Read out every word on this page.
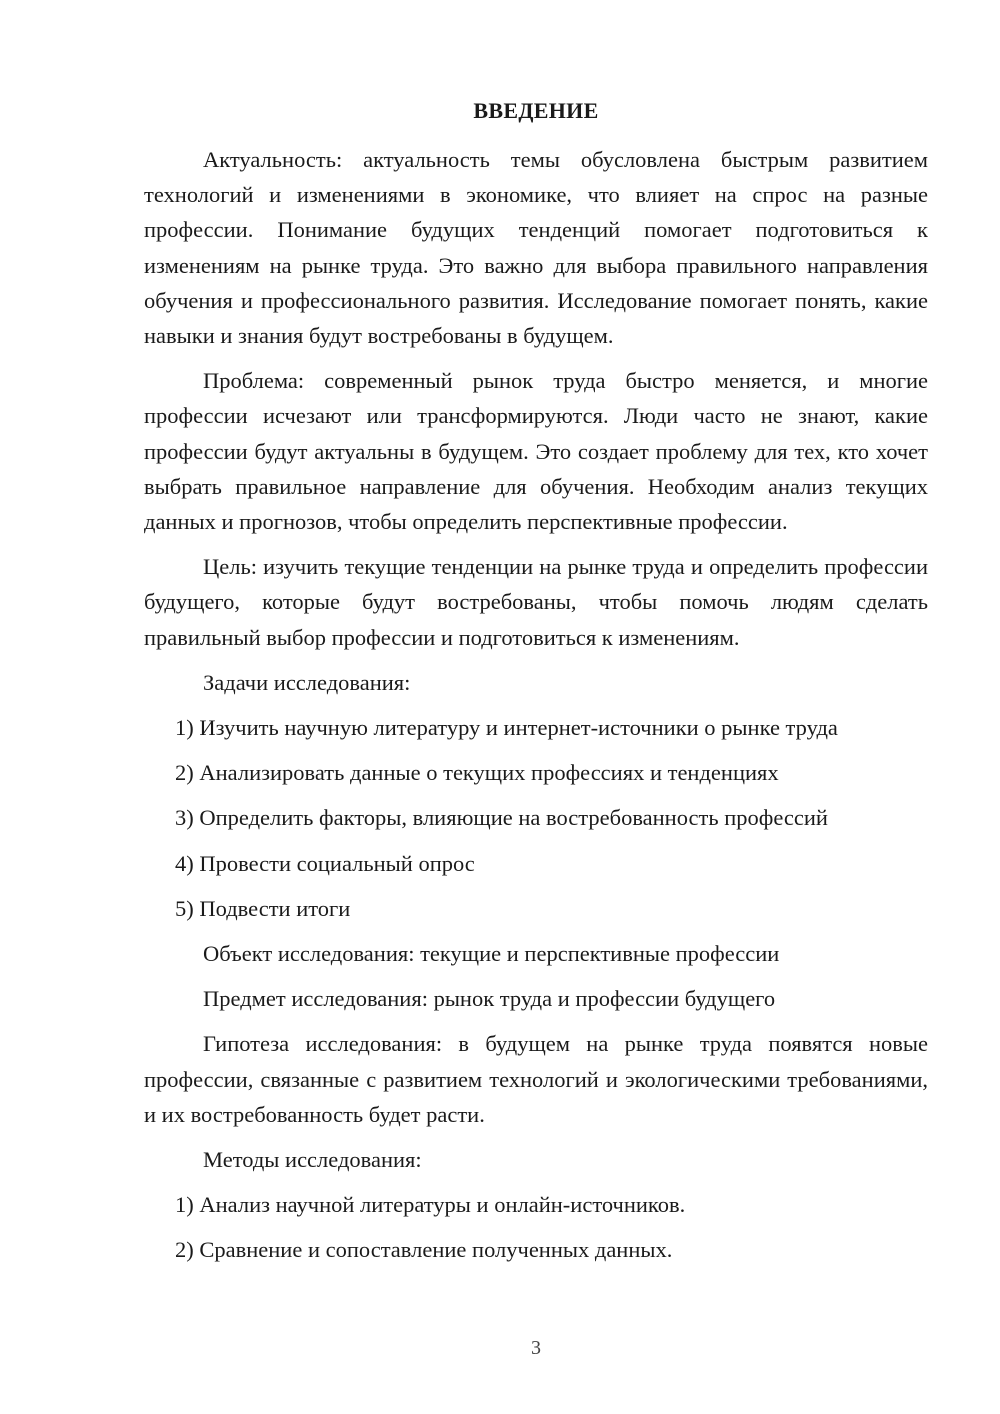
ВВЕДЕНИЕ

Актуальность: актуальность темы обусловлена быстрым развитием технологий и изменениями в экономике, что влияет на спрос на разные профессии. Понимание будущих тенденций помогает подготовиться к изменениям на рынке труда. Это важно для выбора правильного направления обучения и профессионального развития. Исследование помогает понять, какие навыки и знания будут востребованы в будущем.

Проблема: современный рынок труда быстро меняется, и многие профессии исчезают или трансформируются. Люди часто не знают, какие профессии будут актуальны в будущем. Это создает проблему для тех, кто хочет выбрать правильное направление для обучения. Необходим анализ текущих данных и прогнозов, чтобы определить перспективные профессии.

Цель: изучить текущие тенденции на рынке труда и определить профессии будущего, которые будут востребованы, чтобы помочь людям сделать правильный выбор профессии и подготовиться к изменениям.

Задачи исследования:

1) Изучить научную литературу и интернет-источники о рынке труда

2) Анализировать данные о текущих профессиях и тенденциях

3) Определить факторы, влияющие на востребованность профессий

4) Провести социальный опрос

5) Подвести итоги

Объект исследования: текущие и перспективные профессии

Предмет исследования: рынок труда и профессии будущего

Гипотеза исследования: в будущем на рынке труда появятся новые профессии, связанные с развитием технологий и экологическими требованиями, и их востребованность будет расти.

Методы исследования:

1) Анализ научной литературы и онлайн-источников.

2) Сравнение и сопоставление полученных данных.

3
